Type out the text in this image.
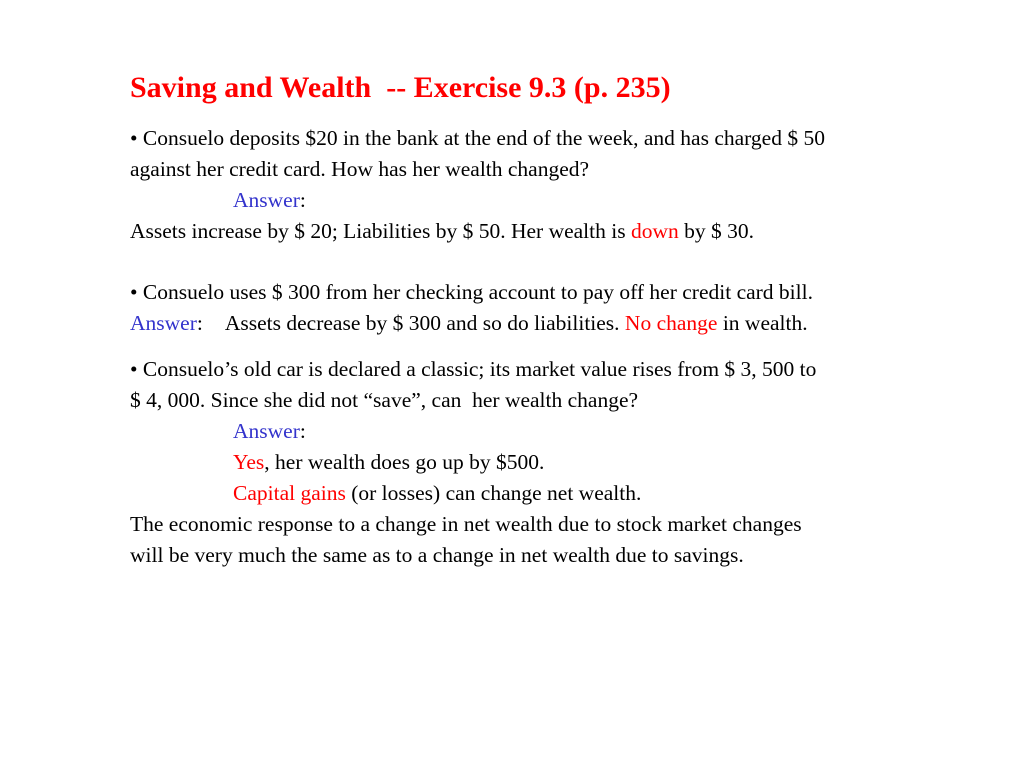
Saving and Wealth  -- Exercise 9.3 (p. 235)
• Consuelo deposits $20 in the bank at the end of the week, and has charged $ 50
against her credit card. How has her wealth changed?
Answer:
Assets increase by $ 20; Liabilities by $ 50. Her wealth is down by $ 30.
• Consuelo uses $ 300 from her checking account to pay off her credit card bill.
Answer: Assets decrease by $ 300 and so do liabilities. No change in wealth.
• Consuelo’s old car is declared a classic; its market value rises from $ 3, 500 to
$ 4, 000. Since she did not “save”, can  her wealth change?
Answer:
Yes, her wealth does go up by $500.
Capital gains (or losses) can change net wealth.
The economic response to a change in net wealth due to stock market changes
will be very much the same as to a change in net wealth due to savings.
